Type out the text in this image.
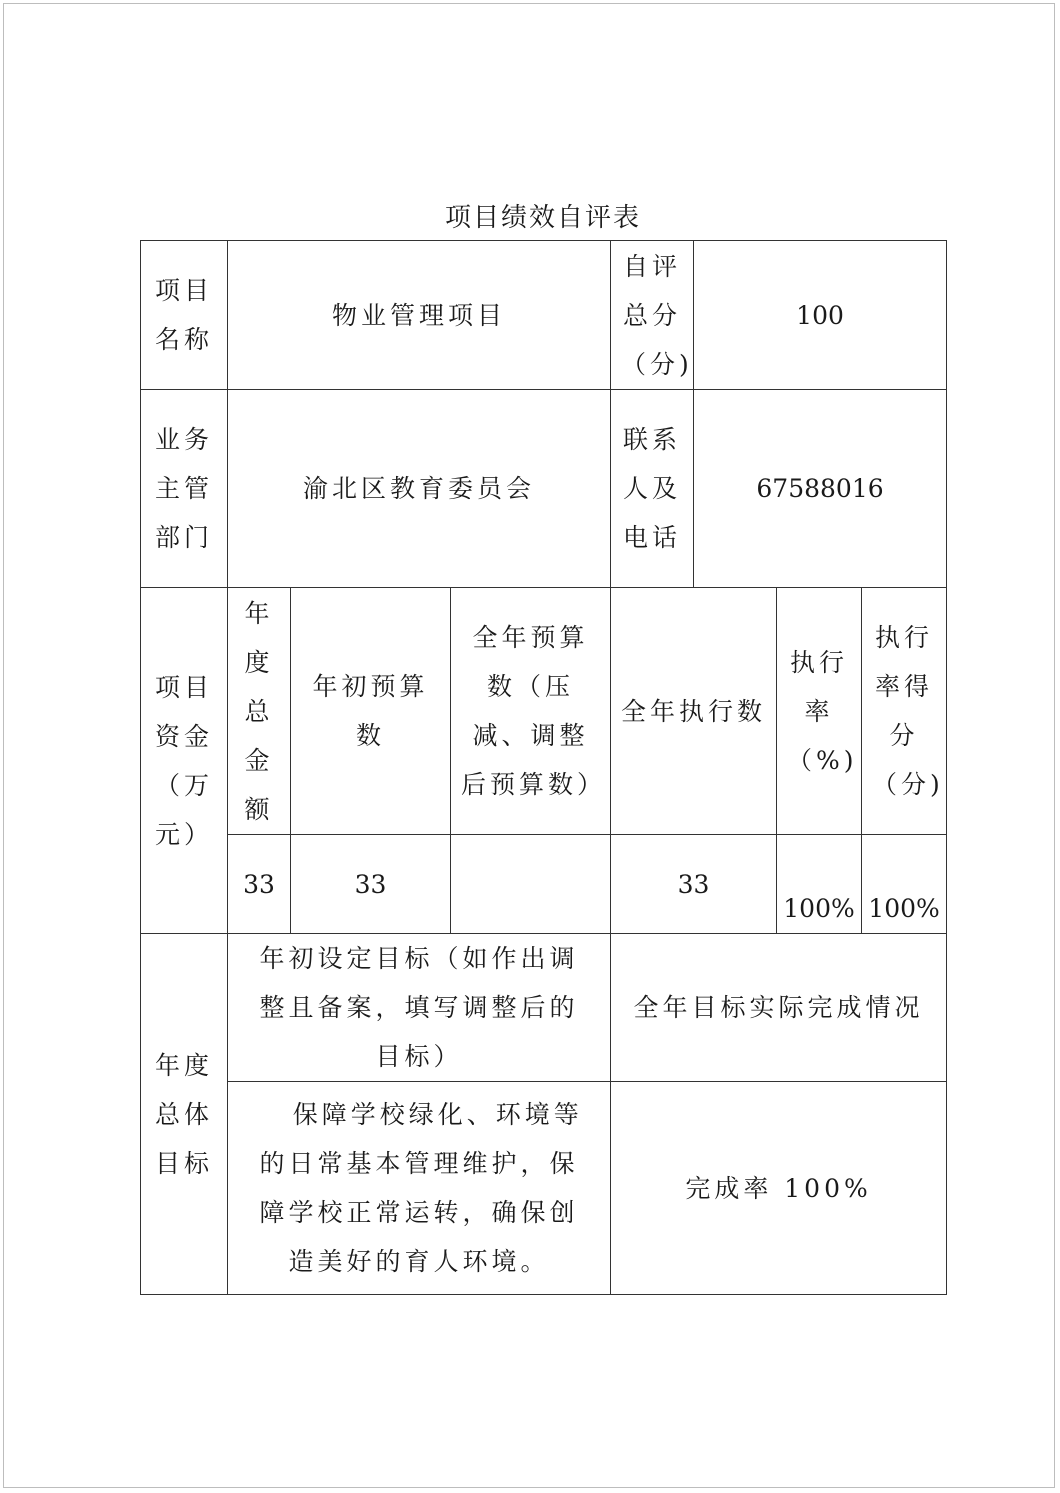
项目绩效自评表
项目名称	物业管理项目			自评总分（分)	100		
业务主管部门	渝北区教育委员会			联系人及电话	67588016		
项目资金（万元）	年度总金额	年初预算数	全年预算数（压减、调整后预算数）	全年执行数		执行率（%)	执行率得分（分)
	33	33		33		100%	100%
年度总体目标	年初设定目标（如作出调整且备案，填写调整后的目标）			全年目标实际完成情况			
	保障学校绿化、环境等的日常基本管理维护，保障学校正常运转，确保创造美好的育人环境。			完成率 100%			
